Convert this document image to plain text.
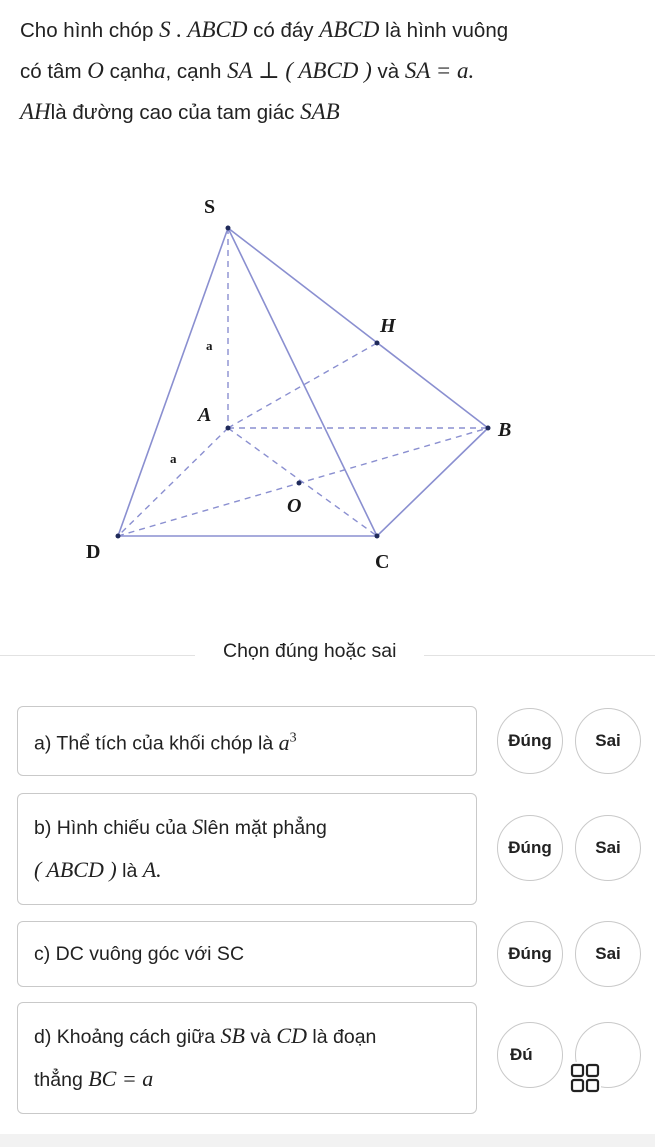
Cho hình chóp S . ABCD có đáy ABCD là hình vuông
có tâm O cạnha, cạnh SA ⊥ ( ABCD ) và SA = a.
AHlà đường cao của tam giác SAB
S
H
A
B
O
D	C
a
a
Chọn đúng hoặc sai
a) Thể tích của khối chóp là $a^3$	Đúng	Sai
b) Hình chiếu của Slên mặt phẳng
( ABCD ) là A.
Đúng	Sai
c) DC vuông góc với SC	Đúng	Sai
d) Khoảng cách giữa SB và CD là đoạn
thẳng BC = a
Đú
